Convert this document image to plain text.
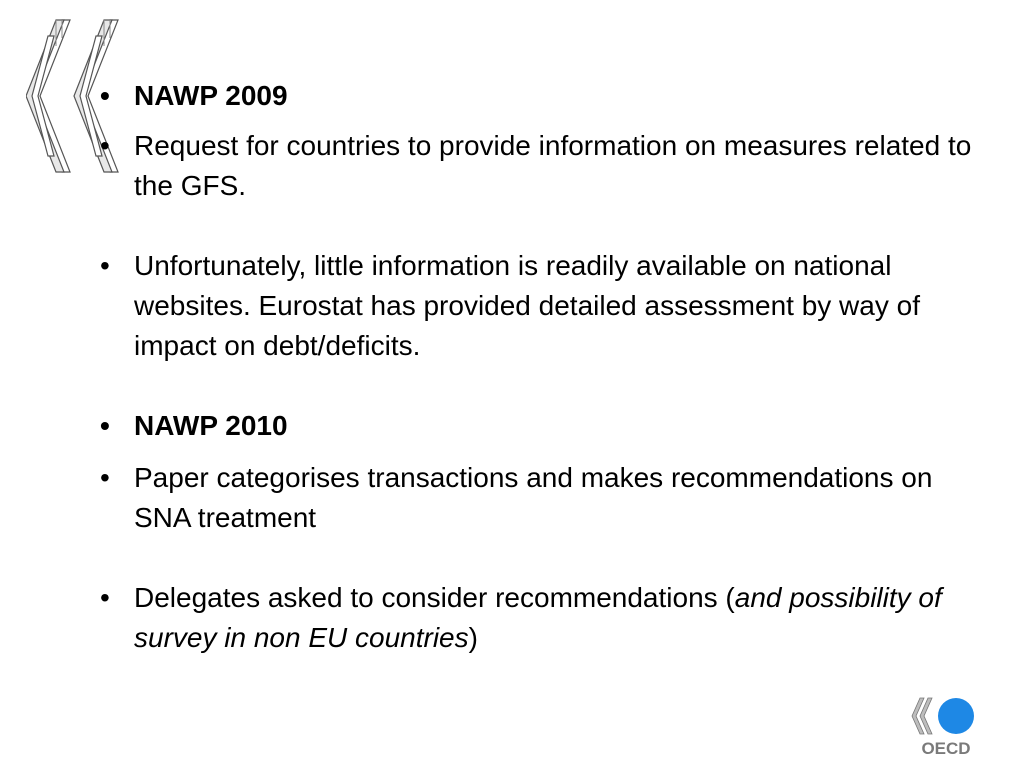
• NAWP 2009
• Request for countries to provide information on measures related to the GFS.
• Unfortunately, little information is readily available on national websites. Eurostat has provided detailed assessment by way of impact on debt/deficits.
• NAWP 2010
• Paper categorises transactions and makes recommendations on SNA treatment
• Delegates asked to consider recommendations (and possibility of survey in non EU countries)
OECD
